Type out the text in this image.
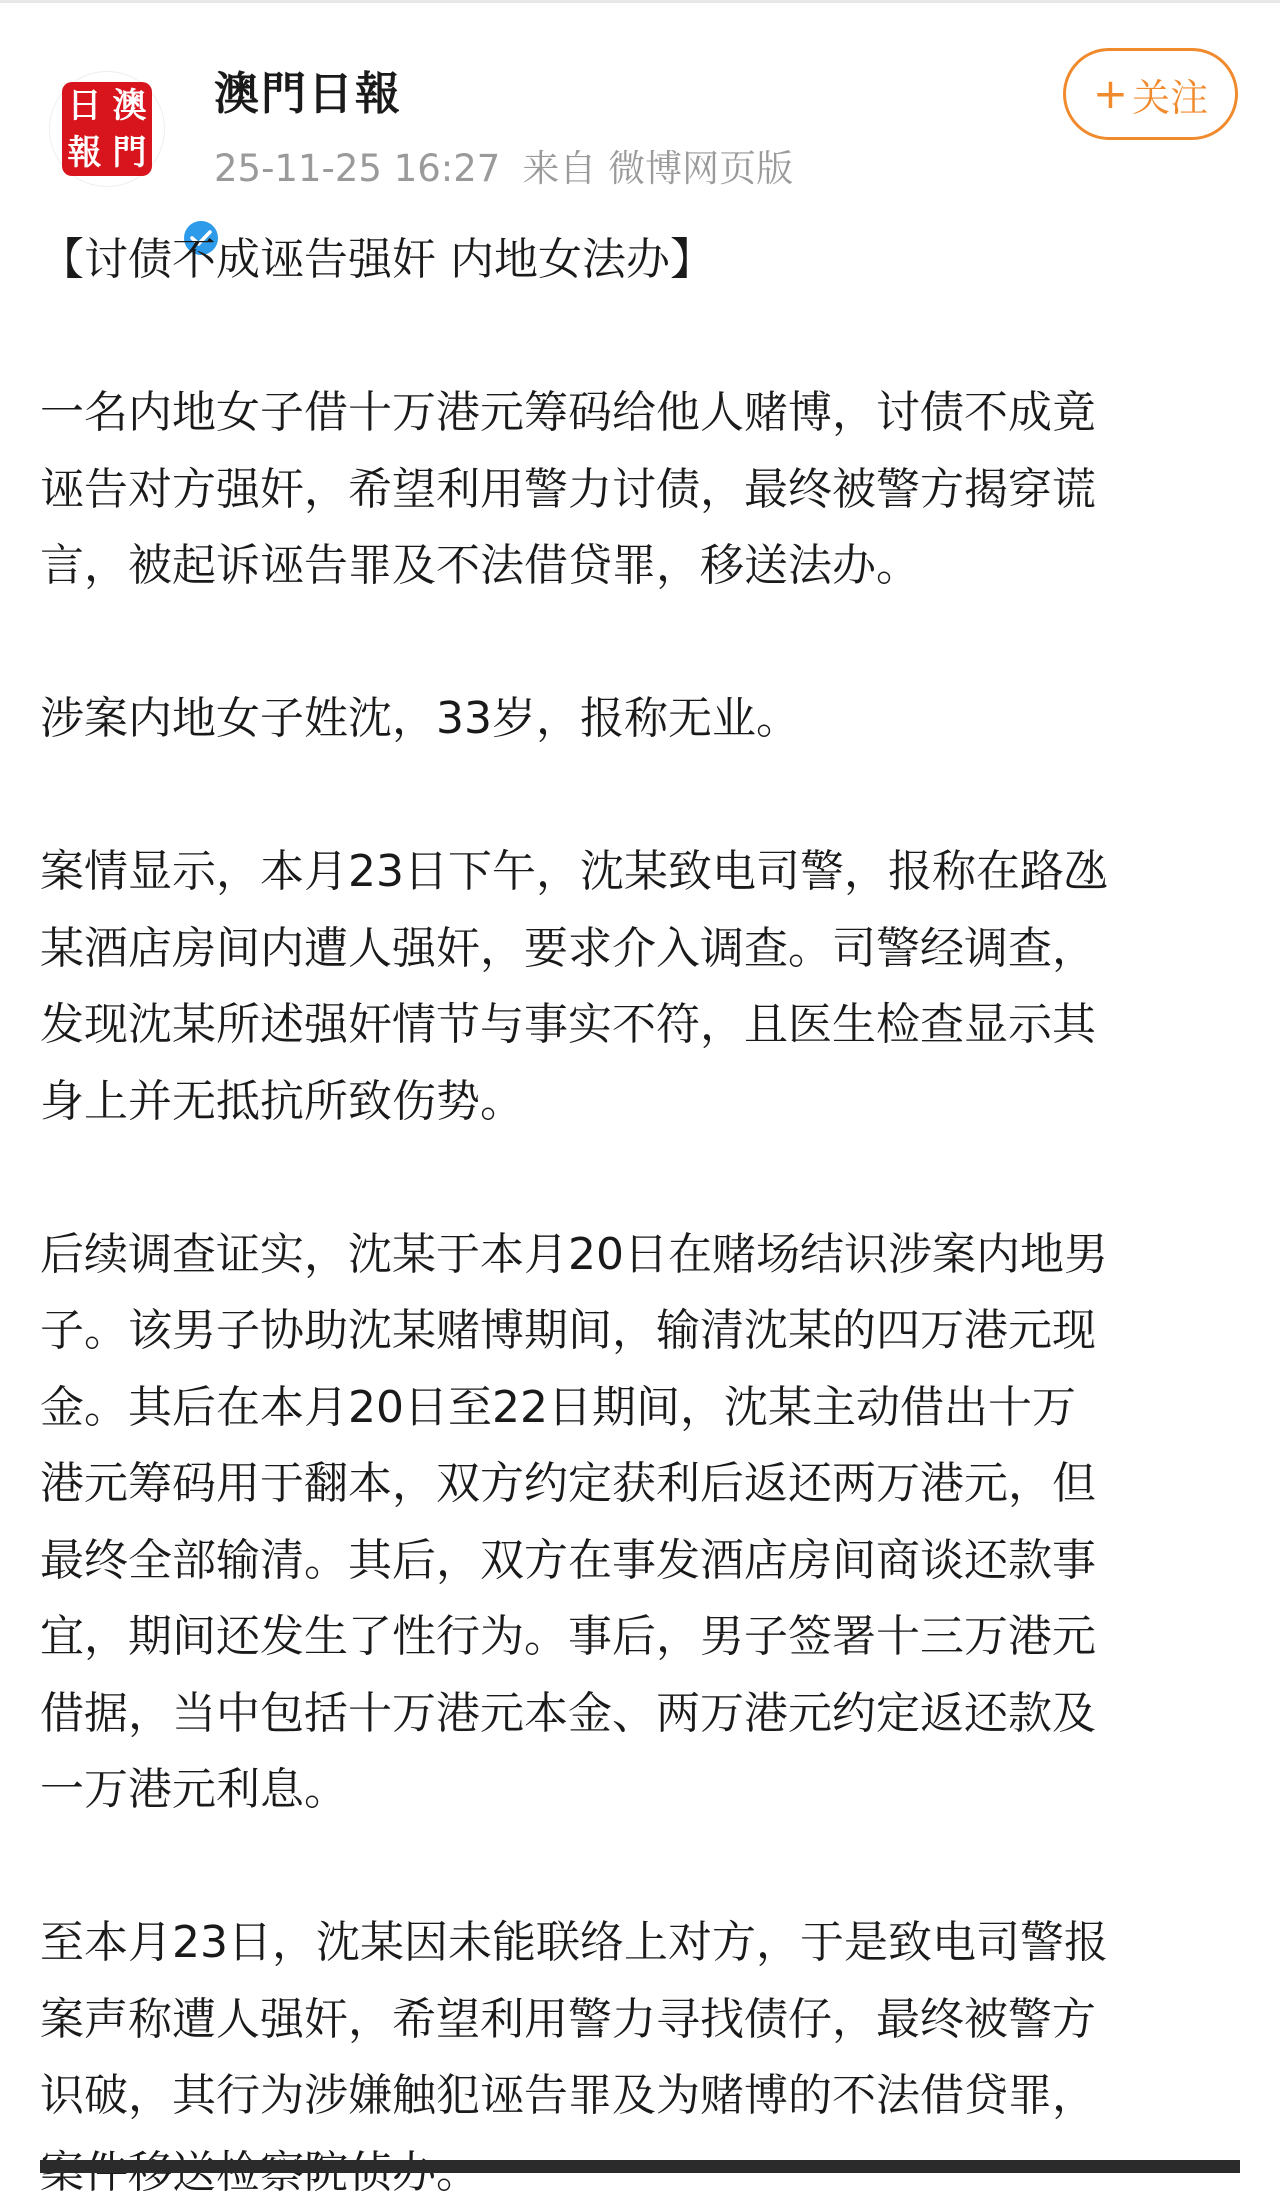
日 澳
報 門
澳門日報
25-11-25 16:27 来自 微博网页版
+ 关注

【讨债不成诬告强奸 内地女法办】

一名内地女子借十万港元筹码给他人赌博，讨债不成竟
诬告对方强奸，希望利用警力讨债，最终被警方揭穿谎
言，被起诉诬告罪及不法借贷罪，移送法办。

涉案内地女子姓沈，33岁，报称无业。

案情显示，本月23日下午，沈某致电司警，报称在路氹
某酒店房间内遭人强奸，要求介入调查。司警经调查，
发现沈某所述强奸情节与事实不符，且医生检查显示其
身上并无抵抗所致伤势。

后续调查证实，沈某于本月20日在赌场结识涉案内地男
子。该男子协助沈某赌博期间，输清沈某的四万港元现
金。其后在本月20日至22日期间，沈某主动借出十万
港元筹码用于翻本，双方约定获利后返还两万港元，但
最终全部输清。其后，双方在事发酒店房间商谈还款事
宜，期间还发生了性行为。事后，男子签署十三万港元
借据，当中包括十万港元本金、两万港元约定返还款及
一万港元利息。

至本月23日，沈某因未能联络上对方，于是致电司警报
案声称遭人强奸，希望利用警力寻找债仔，最终被警方
识破，其行为涉嫌触犯诬告罪及为赌博的不法借贷罪，
